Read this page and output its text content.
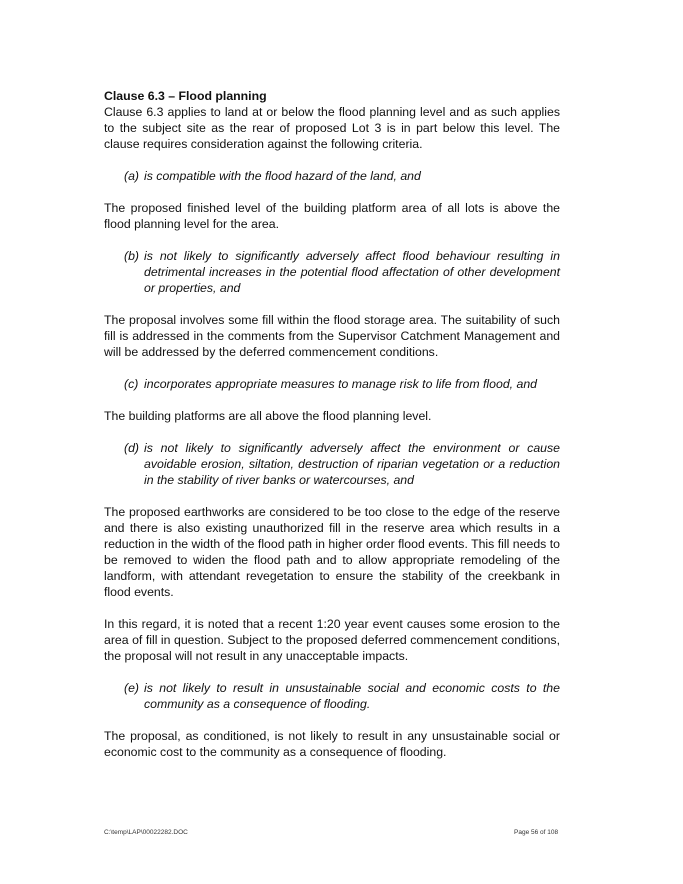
Clause 6.3 – Flood planning

Clause 6.3 applies to land at or below the flood planning level and as such applies to the subject site as the rear of proposed Lot 3 is in part below this level. The clause requires consideration against the following criteria.

(a) is compatible with the flood hazard of the land, and

The proposed finished level of the building platform area of all lots is above the flood planning level for the area.

(b) is not likely to significantly adversely affect flood behaviour resulting in detrimental increases in the potential flood affectation of other development or properties, and

The proposal involves some fill within the flood storage area. The suitability of such fill is addressed in the comments from the Supervisor Catchment Management and will be addressed by the deferred commencement conditions.

(c) incorporates appropriate measures to manage risk to life from flood, and

The building platforms are all above the flood planning level.

(d) is not likely to significantly adversely affect the environment or cause avoidable erosion, siltation, destruction of riparian vegetation or a reduction in the stability of river banks or watercourses, and

The proposed earthworks are considered to be too close to the edge of the reserve and there is also existing unauthorized fill in the reserve area which results in a reduction in the width of the flood path in higher order flood events. This fill needs to be removed to widen the flood path and to allow appropriate remodeling of the landform, with attendant revegetation to ensure the stability of the creekbank in flood events.

In this regard, it is noted that a recent 1:20 year event causes some erosion to the area of fill in question. Subject to the proposed deferred commencement conditions, the proposal will not result in any unacceptable impacts.

(e) is not likely to result in unsustainable social and economic costs to the community as a consequence of flooding.

The proposal, as conditioned, is not likely to result in any unsustainable social or economic cost to the community as a consequence of flooding.

C:\temp\LAP\00022282.DOC	Page 56 of 108
